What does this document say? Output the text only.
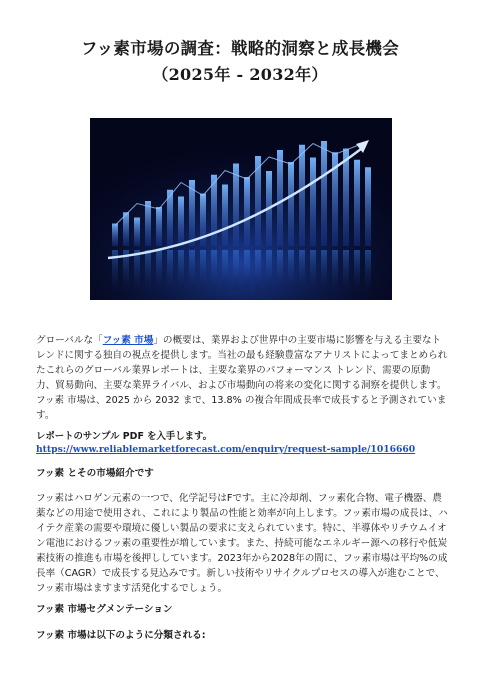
フッ素市場の調査：戦略的洞察と成長機会
（2025年 - 2032年）
グローバルな「フッ素 市場」の概要は、業界および世界中の主要市場に影響を与える主要なトレンドに関する独自の視点を提供します。当社の最も経験豊富なアナリストによってまとめられたこれらのグローバル業界レポートは、主要な業界のパフォーマンス トレンド、需要の原動力、貿易動向、主要な業界ライバル、および市場動向の将来の変化に関する洞察を提供します。フッ素 市場は、2025 から 2032 まで、13.8% の複合年間成長率で成長すると予測されています。
レポートのサンプル PDF を入手します。
https://www.reliablemarketforecast.com/enquiry/request-sample/1016660
フッ素 とその市場紹介です
フッ素はハロゲン元素の一つで、化学記号はFです。主に冷却剤、フッ素化合物、電子機器、農薬などの用途で使用され、これにより製品の性能と効率が向上します。フッ素市場の成長は、ハイテク産業の需要や環境に優しい製品の要求に支えられています。特に、半導体やリチウムイオン電池におけるフッ素の重要性が増しています。また、持続可能なエネルギー源への移行や低炭素技術の推進も市場を後押ししています。2023年から2028年の間に、フッ素市場は平均%の成長率（CAGR）で成長する見込みです。新しい技術やリサイクルプロセスの導入が進むことで、フッ素市場はますます活発化するでしょう。
フッ素 市場セグメンテーション
フッ素 市場は以下のように分類される:
